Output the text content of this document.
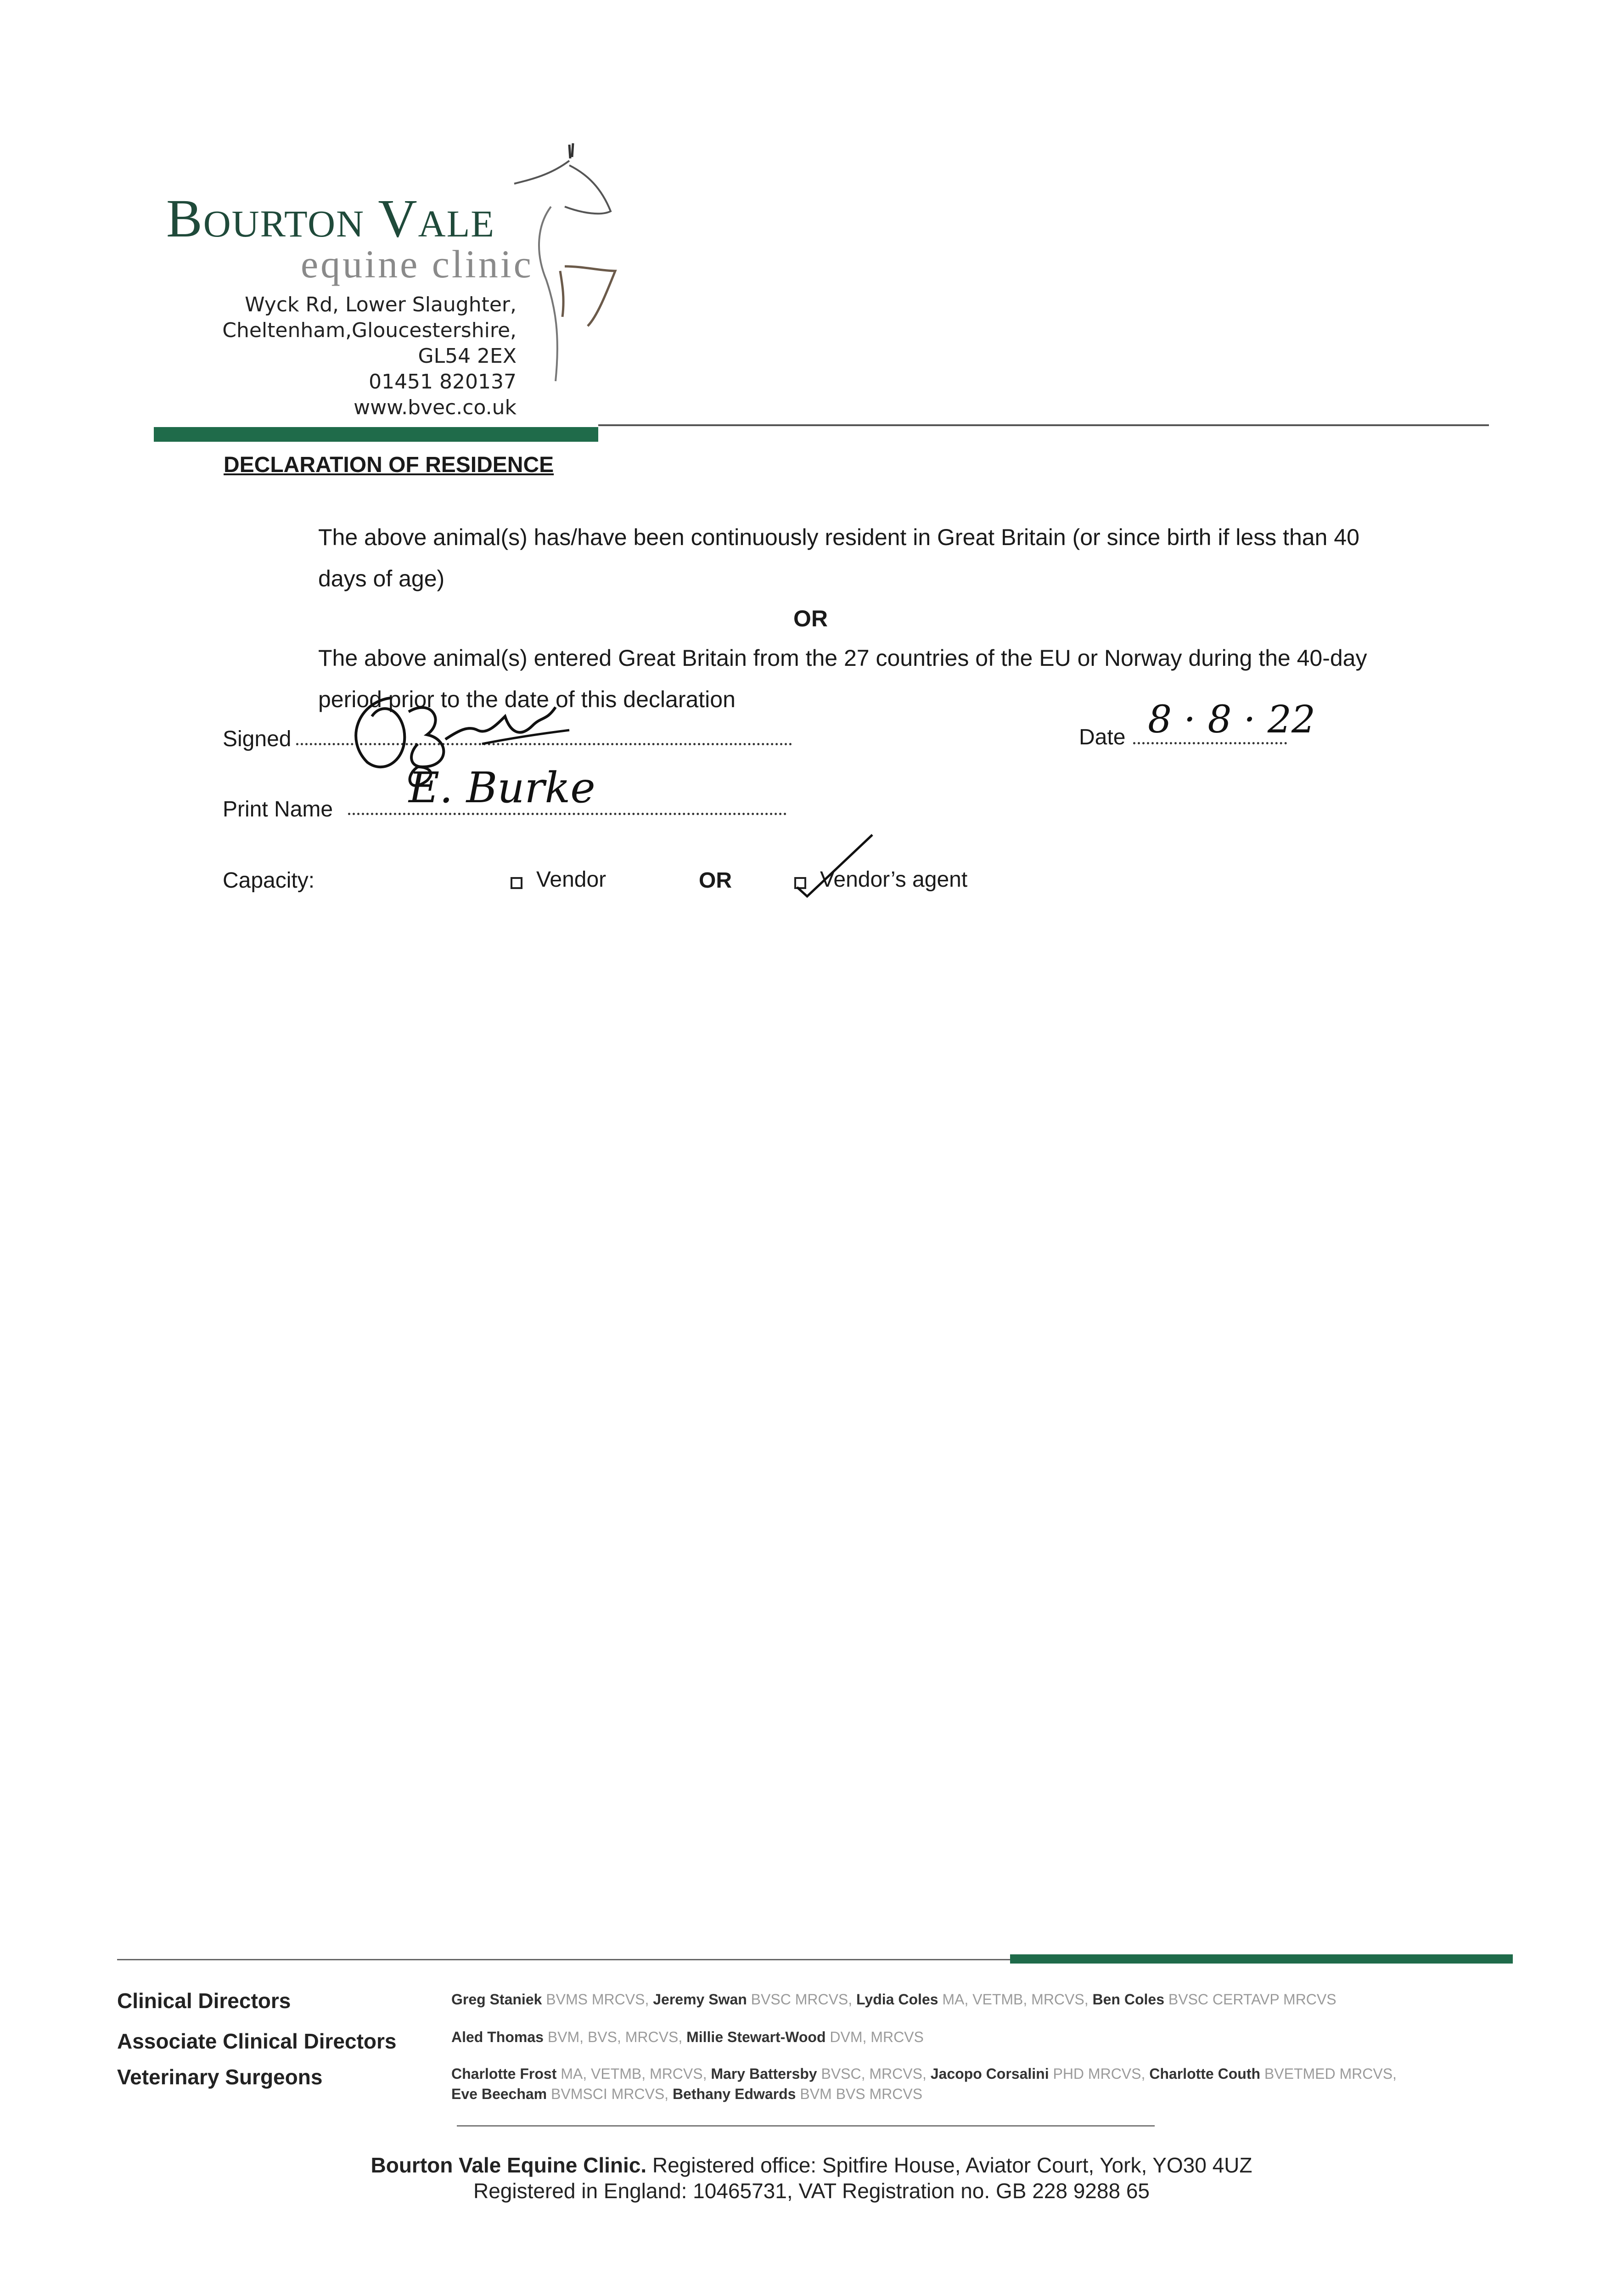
Bourton Vale
equine clinic
Wyck Rd, Lower Slaughter,
Cheltenham,Gloucestershire,
GL54 2EX
01451 820137
www.bvec.co.uk
DECLARATION OF RESIDENCE
The above animal(s) has/have been continuously resident in Great Britain (or since birth if less than 40 days of age)
OR
The above animal(s) entered Great Britain from the 27 countries of the EU or Norway during the 40-day period prior to the date of this declaration
Signed	Date 8 · 8 · 22
Print Name E. Burke
Capacity:	Vendor	OR	Vendor’s agent
Clinical Directors	Greg Staniek BVMS MRCVS, Jeremy Swan BVSC MRCVS, Lydia Coles MA, VETMB, MRCVS, Ben Coles BVSC CERTAVP MRCVS
Associate Clinical Directors	Aled Thomas BVM, BVS, MRCVS, Millie Stewart-Wood DVM, MRCVS
Veterinary Surgeons	Charlotte Frost MA, VETMB, MRCVS, Mary Battersby BVSC, MRCVS, Jacopo Corsalini PHD MRCVS, Charlotte Couth BVETMED MRCVS,
Eve Beecham BVMSCI MRCVS, Bethany Edwards BVM BVS MRCVS
Bourton Vale Equine Clinic. Registered office: Spitfire House, Aviator Court, York, YO30 4UZ
Registered in England: 10465731, VAT Registration no. GB 228 9288 65
